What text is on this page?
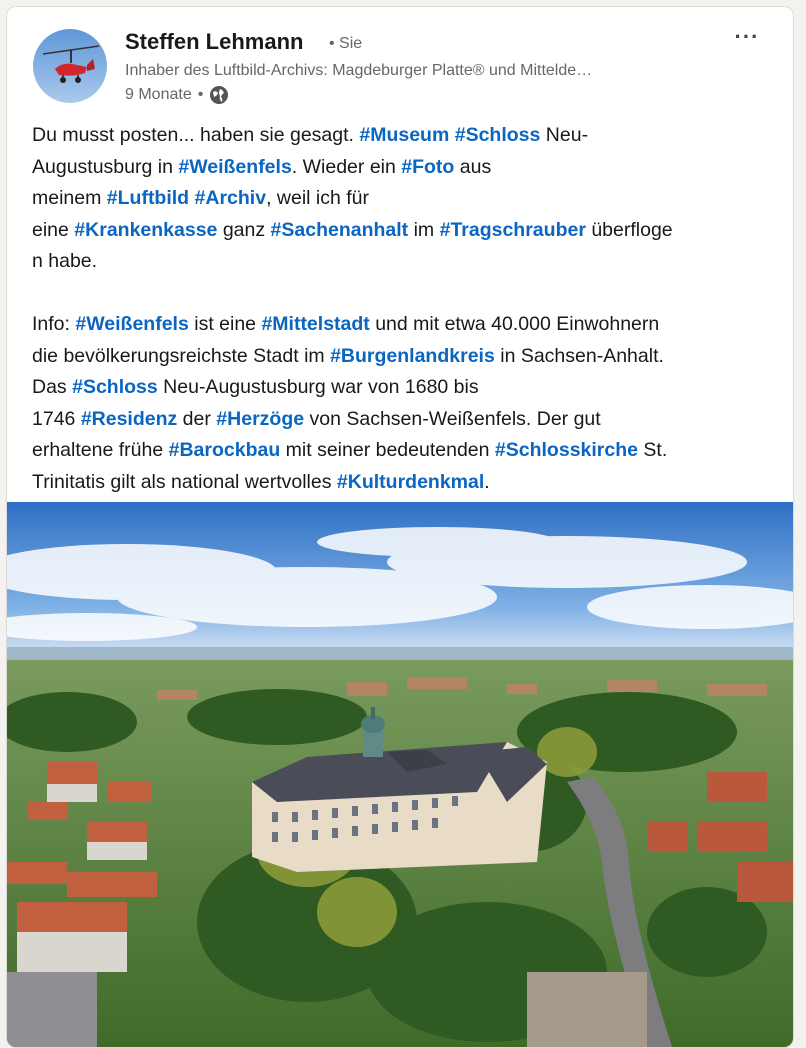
Steffen Lehmann • Sie
Inhaber des Luftbild-Archivs: Magdeburger Platte® und Mittelde…
9 Monate •
···
Du musst posten... haben sie gesagt. #Museum #Schloss Neu-
Augustusburg in #Weißenfels. Wieder ein #Foto aus
meinem #Luftbild #Archiv, weil ich für
eine #Krankenkasse ganz #Sachenanhalt im #Tragschrauber überfloge
n habe.
Info: #Weißenfels ist eine #Mittelstadt und mit etwa 40.000 Einwohnern
die bevölkerungsreichste Stadt im #Burgenlandkreis in Sachsen-Anhalt.
Das #Schloss Neu-Augustusburg war von 1680 bis
1746 #Residenz der #Herzöge von Sachsen-Weißenfels. Der gut
erhaltene frühe #Barockbau mit seiner bedeutenden #Schlosskirche St.
Trinitatis gilt als national wertvolles #Kulturdenkmal.
